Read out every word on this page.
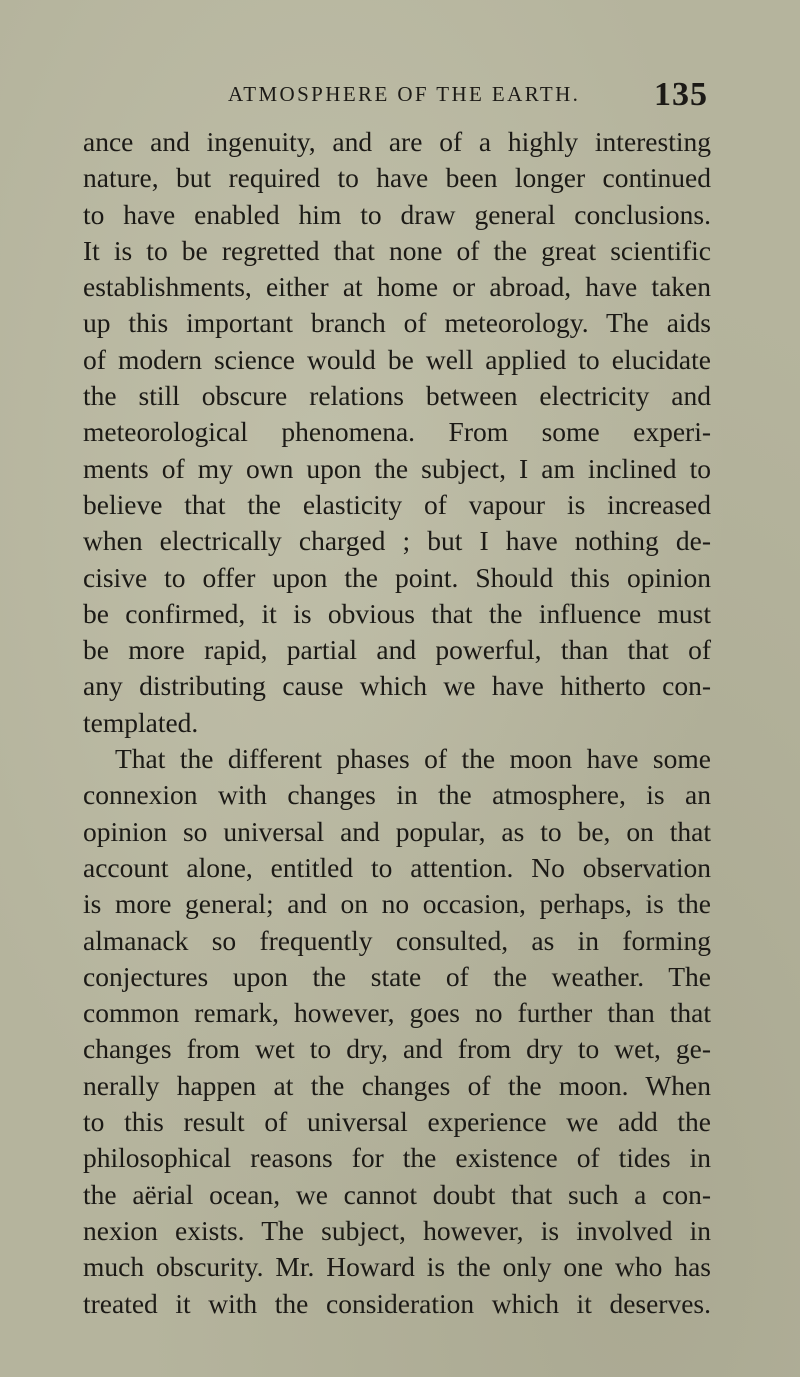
ATMOSPHERE OF THE EARTH. 135
ance and ingenuity, and are of a highly interesting
nature, but required to have been longer continued
to have enabled him to draw general conclusions.
It is to be regretted that none of the great scientific
establishments, either at home or abroad, have taken
up this important branch of meteorology. The aids
of modern science would be well applied to elucidate
the still obscure relations between electricity and
meteorological phenomena. From some experi-
ments of my own upon the subject, I am inclined to
believe that the elasticity of vapour is increased
when electrically charged ; but I have nothing de-
cisive to offer upon the point. Should this opinion
be confirmed, it is obvious that the influence must
be more rapid, partial and powerful, than that of
any distributing cause which we have hitherto con-
templated.
That the different phases of the moon have some
connexion with changes in the atmosphere, is an
opinion so universal and popular, as to be, on that
account alone, entitled to attention. No observation
is more general; and on no occasion, perhaps, is the
almanack so frequently consulted, as in forming
conjectures upon the state of the weather. The
common remark, however, goes no further than that
changes from wet to dry, and from dry to wet, ge-
nerally happen at the changes of the moon. When
to this result of universal experience we add the
philosophical reasons for the existence of tides in
the aërial ocean, we cannot doubt that such a con-
nexion exists. The subject, however, is involved in
much obscurity. Mr. Howard is the only one who has
treated it with the consideration which it deserves.
